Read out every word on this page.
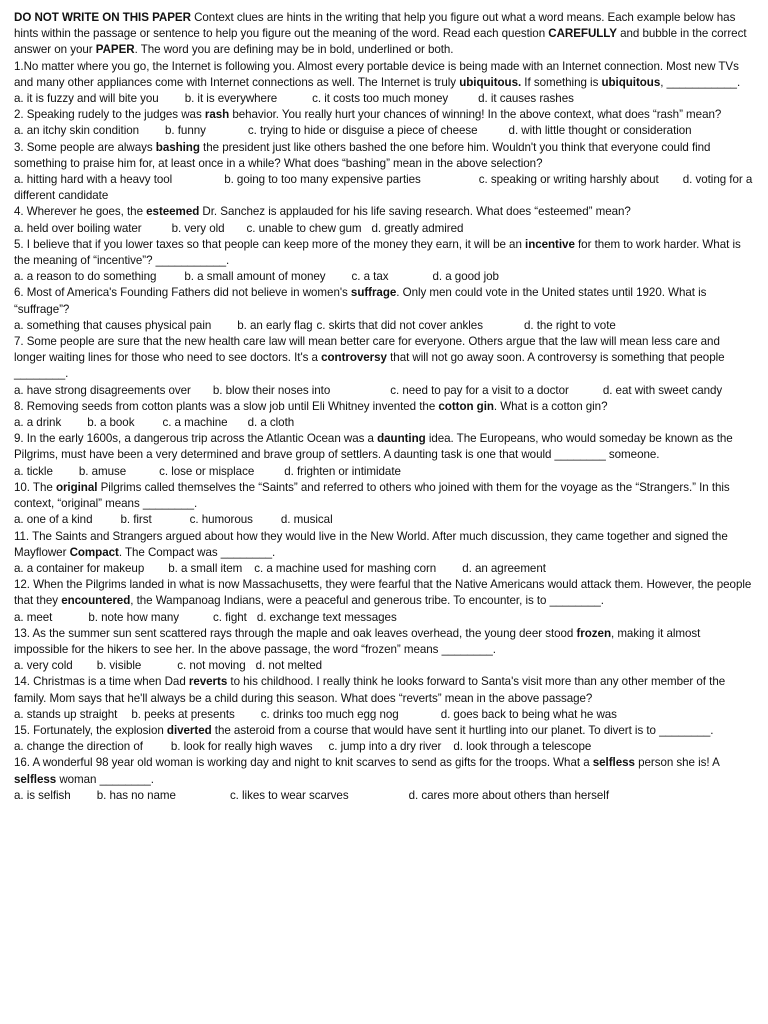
DO NOT WRITE ON THIS PAPER Context clues are hints in the writing that help you figure out what a word means. Each example below has hints within the passage or sentence to help you figure out the meaning of the word. Read each question CAREFULLY and bubble in the correct answer on your PAPER. The word you are defining may be in bold, underlined or both.

1.No matter where you go, the Internet is following you. Almost every portable device is being made with an Internet connection. Most new TVs and many other appliances come with Internet connections as well. The Internet is truly ubiquitous. If something is ubiquitous, ___________.
a. it is fuzzy and will bite you b. it is everywhere	c. it costs too much money	d. it causes rashes
2. Speaking rudely to the judges was rash behavior. You really hurt your chances of winning! In the above context, what does “rash” mean?
a. an itchy skin condition b. funny	c. trying to hide or disguise a piece of cheese	d. with little thought or consideration
3. Some people are always bashing the president just like others bashed the one before him. Wouldn't you think that everyone could find something to praise him for, at least once in a while? What does “bashing” mean in the above selection?
a. hitting hard with a heavy tool	b. going to too many expensive parties	c. speaking or writing harshly about d. voting for a different candidate
4. Wherever he goes, the esteemed Dr. Sanchez is applauded for his life saving research. What does “esteemed” mean?
a. held over boiling water	b. very old c. unable to chew gum d. greatly admired
5. I believe that if you lower taxes so that people can keep more of the money they earn, it will be an incentive for them to work harder. What is the meaning of “incentive”? ___________.
a. a reason to do something b. a small amount of money c. a tax	d. a good job
6. Most of America's Founding Fathers did not believe in women's suffrage. Only men could vote in the United states until 1920. What is “suffrage”?
a. something that causes physical pain b. an early flag c. skirts that did not cover ankles	d. the right to vote
7. Some people are sure that the new health care law will mean better care for everyone. Others argue that the law will mean less care and longer waiting lines for those who need to see doctors. It's a controversy that will not go away soon. A controversy is something that people ________.
a. have strong disagreements over b. blow their noses into	c. need to pay for a visit to a doctor	d. eat with sweet candy
8. Removing seeds from cotton plants was a slow job until Eli Whitney invented the cotton gin. What is a cotton gin?
a. a drink b. a book c. a machine d. a cloth
9. In the early 1600s, a dangerous trip across the Atlantic Ocean was a daunting idea. The Europeans, who would someday be known as the Pilgrims, must have been a very determined and brave group of settlers. A daunting task is one that would ________ someone.
a. tickle b. amuse	c. lose or misplace	d. frighten or intimidate
10. The original Pilgrims called themselves the “Saints” and referred to others who joined with them for the voyage as the “Strangers.” In this context, “original” means ________.
a. one of a kind b. first	c. humorous d. musical
11. The Saints and Strangers argued about how they would live in the New World. After much discussion, they came together and signed the Mayflower Compact. The Compact was ________.
a. a container for makeup b. a small item c. a machine used for mashing corn d. an agreement
12. When the Pilgrims landed in what is now Massachusetts, they were fearful that the Native Americans would attack them. However, the people that they encountered, the Wampanoag Indians, were a peaceful and generous tribe. To encounter, is to ________.
a. meet	b. note how many	c. fight d. exchange text messages
13. As the summer sun sent scattered rays through the maple and oak leaves overhead, the young deer stood frozen, making it almost impossible for the hikers to see her. In the above passage, the word “frozen” means ________.
a. very cold b. visible	c. not moving d. not melted
14. Christmas is a time when Dad reverts to his childhood. I really think he looks forward to Santa's visit more than any other member of the family. Mom says that he'll always be a child during this season. What does “reverts” mean in the above passage?
a. stands up straight b. peeks at presents c. drinks too much egg nog	d. goes back to being what he was
15. Fortunately, the explosion diverted the asteroid from a course that would have sent it hurtling into our planet. To divert is to ________.
a. change the direction of b. look for really high waves c. jump into a dry river d. look through a telescope
16. A wonderful 98 year old woman is working day and night to knit scarves to send as gifts for the troops. What a selfless person she is! A selfless woman ________.
a. is selfish b. has no name	c. likes to wear scarves	d. cares more about others than herself
